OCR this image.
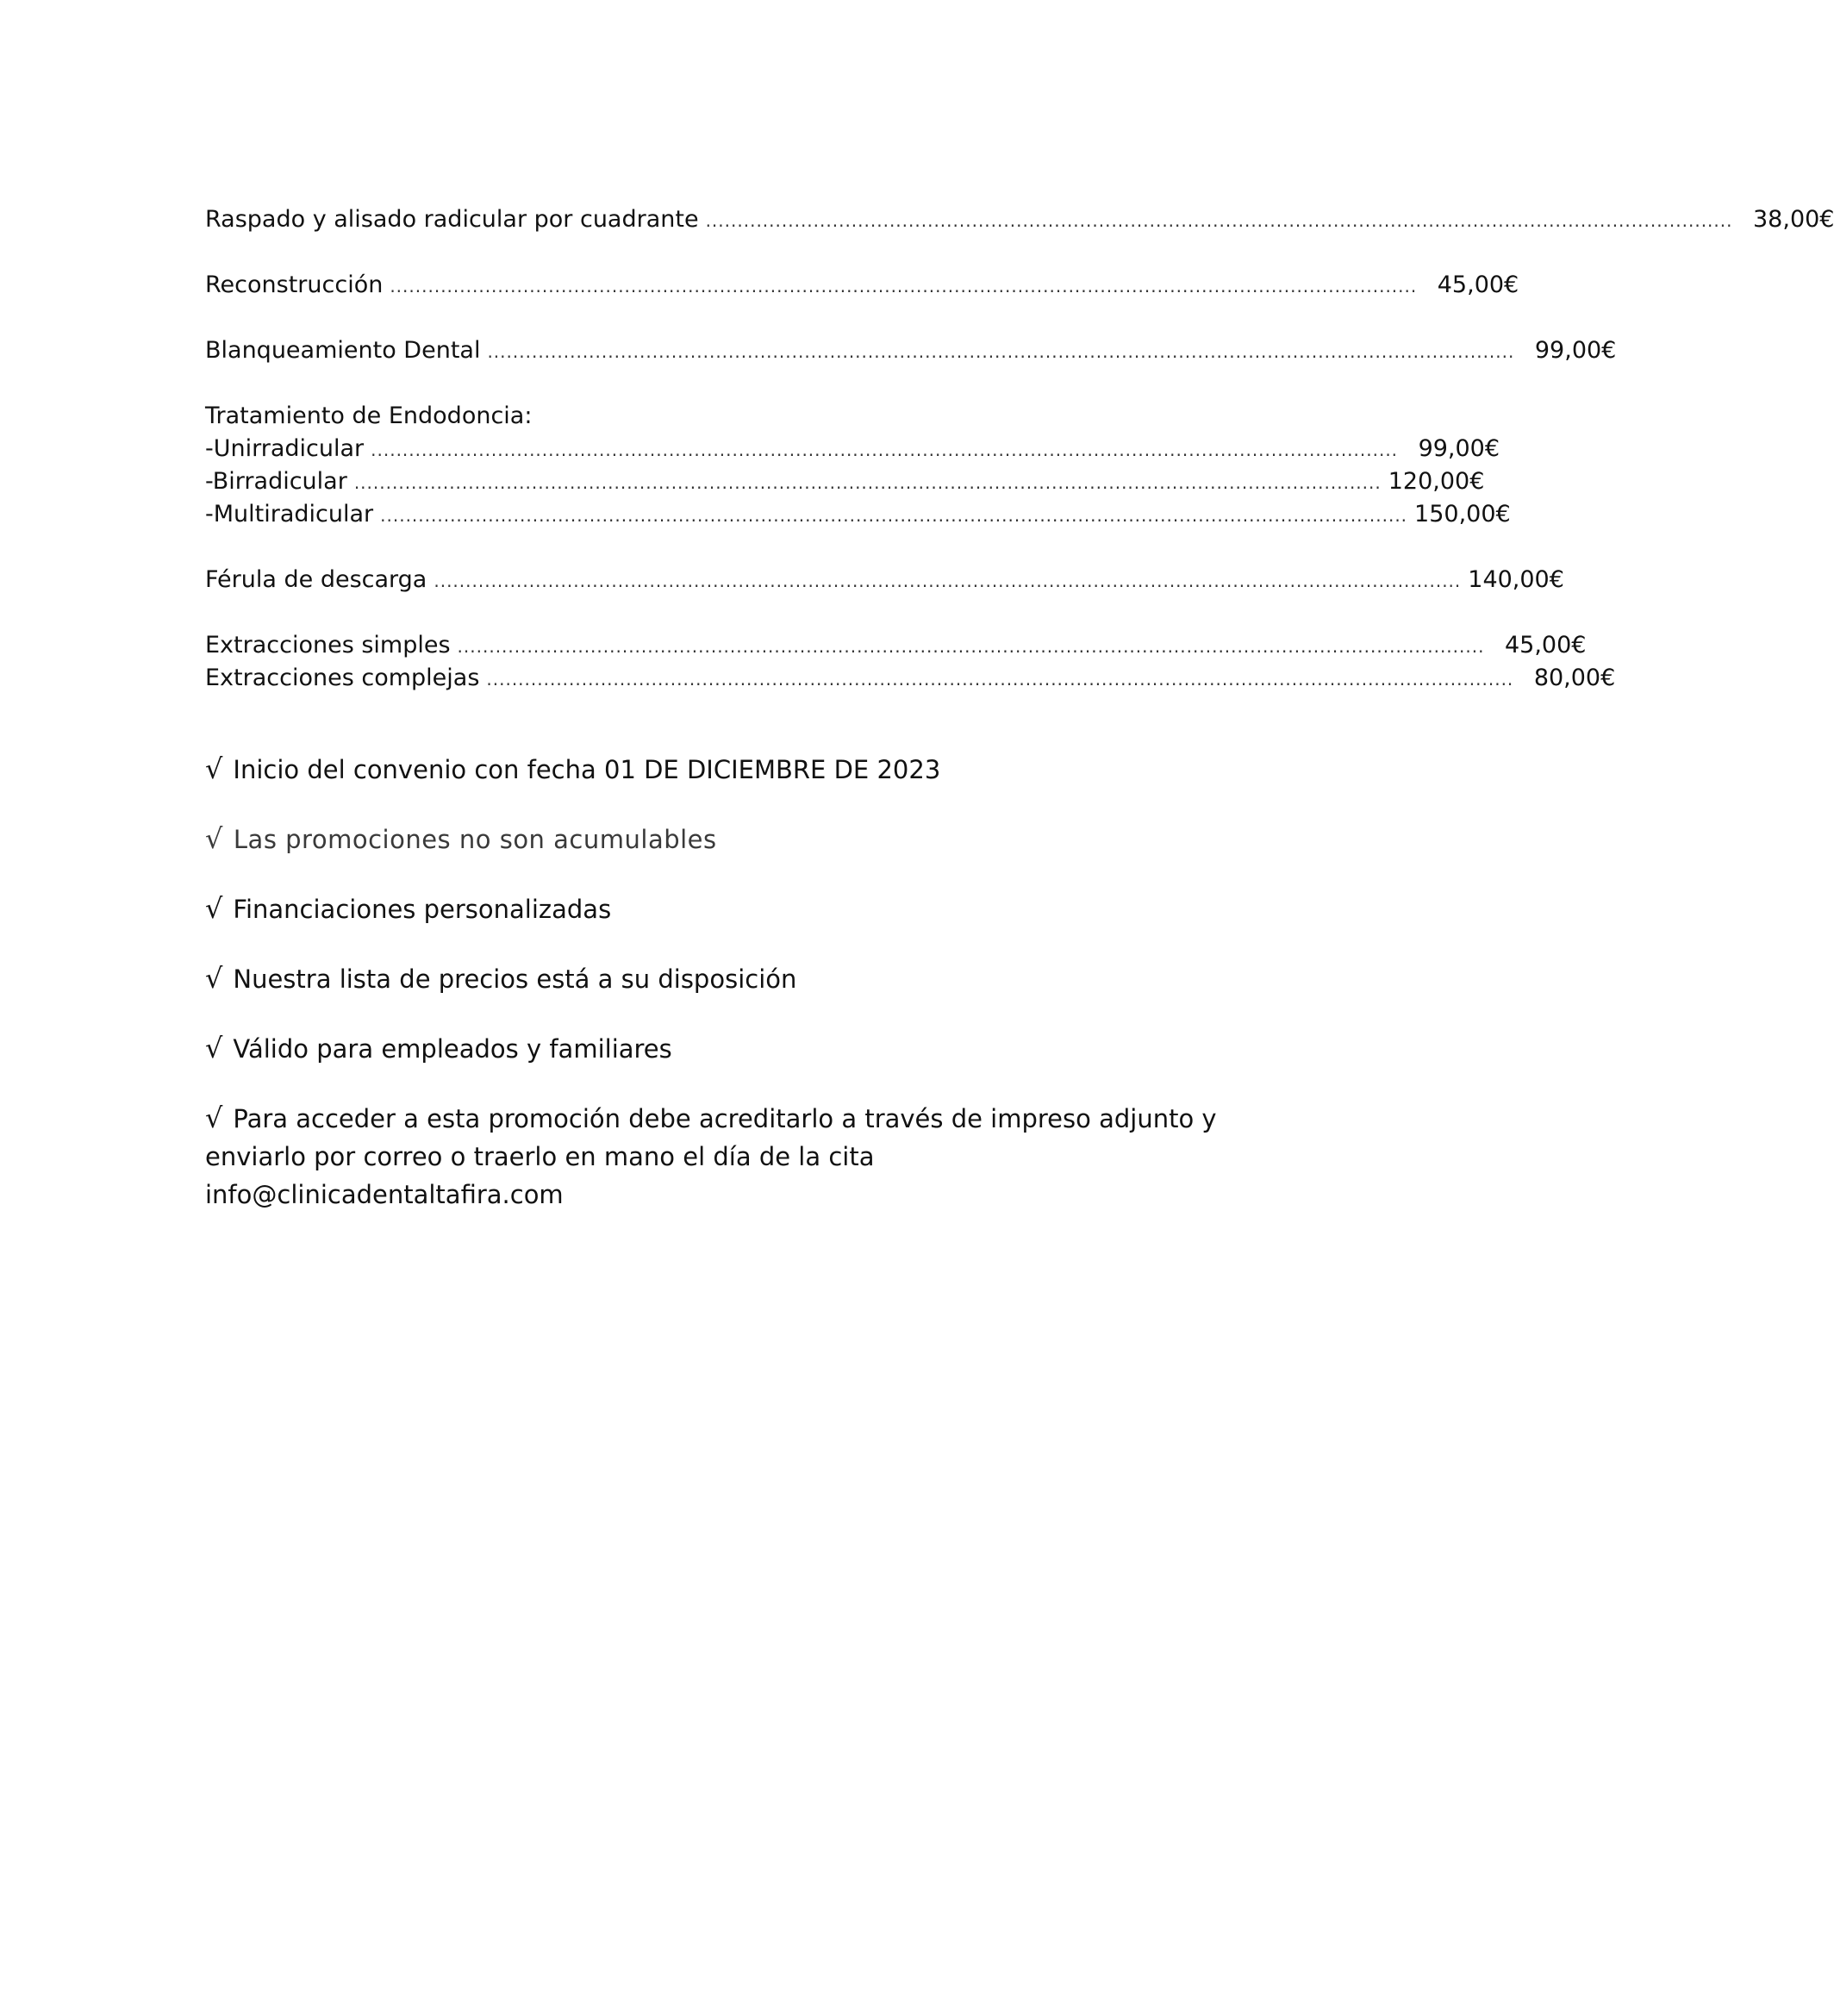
Raspado y alisado radicular por cuadrante .................................................................................................................................................................. 38,00€
Reconstrucción .................................................................................................................................................................. 45,00€
Blanqueamiento Dental .................................................................................................................................................................. 99,00€
Tratamiento de Endodoncia:
-Unirradicular .................................................................................................................................................................. 99,00€
-Birradicular .................................................................................................................................................................. 120,00€
-Multiradicular .................................................................................................................................................................. 150,00€
Férula de descarga .................................................................................................................................................................. 140,00€
Extracciones simples .................................................................................................................................................................. 45,00€
Extracciones complejas .................................................................................................................................................................. 80,00€
√ Inicio del convenio con fecha 01 DE DICIEMBRE DE 2023
√ Las promociones no son acumulables
√ Financiaciones personalizadas
√ Nuestra lista de precios está a su disposición
√ Válido para empleados y familiares
√ Para acceder a esta promoción debe acreditarlo a través de impreso adjunto y
enviarlo por correo o traerlo en mano el día de la cita info@clinicadentaltafira.com
